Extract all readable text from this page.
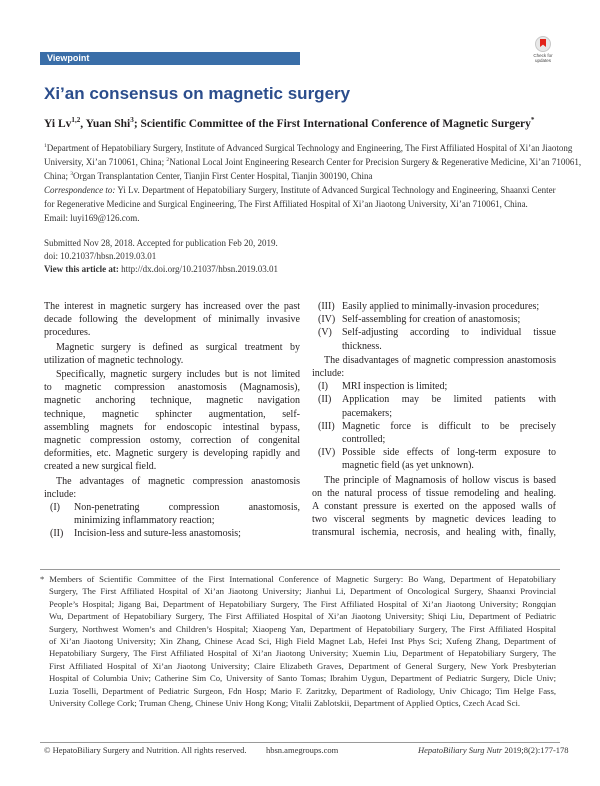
Viewpoint	Check for updates
Xi’an consensus on magnetic surgery
Yi Lv$^{1,2}$, Yuan Shi$^3$; Scientific Committee of the First International Conference of Magnetic Surgery*
$^1$Department of Hepatobiliary Surgery, Institute of Advanced Surgical Technology and Engineering, The First Affiliated Hospital of Xi’an Jiaotong
University, Xi’an 710061, China; $^2$National Local Joint Engineering Research Center for Precision Surgery & Regenerative Medicine, Xi’an 710061,
China; $^3$Organ Transplantation Center, Tianjin First Center Hospital, Tianjin 300190, China
Correspondence to: Yi Lv. Department of Hepatobiliary Surgery, Institute of Advanced Surgical Technology and Engineering, Shaanxi Center
for Regenerative Medicine and Surgical Engineering, The First Affiliated Hospital of Xi’an Jiaotong University, Xi’an 710061, China.
Email: luyi169@126.com.
Submitted Nov 28, 2018. Accepted for publication Feb 20, 2019.
doi: 10.21037/hbsn.2019.03.01
View this article at: http://dx.doi.org/10.21037/hbsn.2019.03.01

The interest in magnetic surgery has increased over the past
decade following the development of minimally invasive
procedures.

Magnetic surgery is defined as surgical treatment by
utilization of magnetic technology.

Specifically, magnetic surgery includes but is not limited
to magnetic compression anastomosis (Magnamosis),
magnetic anchoring technique, magnetic navigation
technique, magnetic sphincter augmentation, self-
assembling magnets for endoscopic intestinal bypass,
magnetic compression ostomy, correction of congenital
deformities, etc. Magnetic surgery is developing rapidly and
created a new surgical field.

The advantages of magnetic compression anastomosis
include:

(I) Non-penetrating compression anastomosis,
minimizing inflammatory reaction;
(II) Incision-less and suture-less anastomosis;
(III) Easily applied to minimally-invasion procedures;
(IV) Self-assembling for creation of anastomosis;
(V) Self-adjusting according to individual tissue
thickness.

The disadvantages of magnetic compression anastomosis
include:

(I) MRI inspection is limited;
(II) Application may be limited patients with
pacemakers;
(III) Magnetic force is difficult to be precisely
controlled;
(IV) Possible side effects of long-term exposure to
magnetic field (as yet unknown).

The principle of Magnamosis of hollow viscus is based
on the natural process of tissue remodeling and healing.
A constant pressure is exerted on the apposed walls of
two visceral segments by magnetic devices leading to
transmural ischemia, necrosis, and healing with, finally,

* Members of Scientific Committee of the First International Conference of Magnetic Surgery: Bo Wang, Department of Hepatobiliary
Surgery, The First Affiliated Hospital of Xi’an Jiaotong University; Jianhui Li, Department of Oncological Surgery, Shaanxi Provincial
People’s Hospital; Jigang Bai, Department of Hepatobiliary Surgery, The First Affiliated Hospital of Xi’an Jiaotong University; Rongqian
Wu, Department of Hepatobiliary Surgery, The First Affiliated Hospital of Xi’an Jiaotong University; Shiqi Liu, Department of Pediatric
Surgery, Northwest Women’s and Children’s Hospital; Xiaopeng Yan, Department of Hepatobiliary Surgery, The First Affiliated Hospital
of Xi’an Jiaotong University; Xin Zhang, Chinese Acad Sci, High Field Magnet Lab, Hefei Inst Phys Sci; Xufeng Zhang, Department of
Hepatobiliary Surgery, The First Affiliated Hospital of Xi’an Jiaotong University; Xuemin Liu, Department of Hepatobiliary Surgery, The
First Affiliated Hospital of Xi’an Jiaotong University; Claire Elizabeth Graves, Department of General Surgery, New York Presbyterian
Hospital of Columbia Univ; Catherine Sim Co, University of Santo Tomas; Ibrahim Uygun, Department of Pediatric Surgery, Dicle Univ;
Luzia Toselli, Department of Pediatric Surgeon, Fdn Hosp; Mario F. Zaritzky, Department of Radiology, Univ Chicago; Tim Helge Fass,
University College Cork; Truman Cheng, Chinese Univ Hong Kong; Vitalii Zablotskii, Department of Applied Optics, Czech Acad Sci.

© HepatoBiliary Surgery and Nutrition. All rights reserved. hbsn.amegroups.com	HepatoBiliary Surg Nutr 2019;8(2):177-178
